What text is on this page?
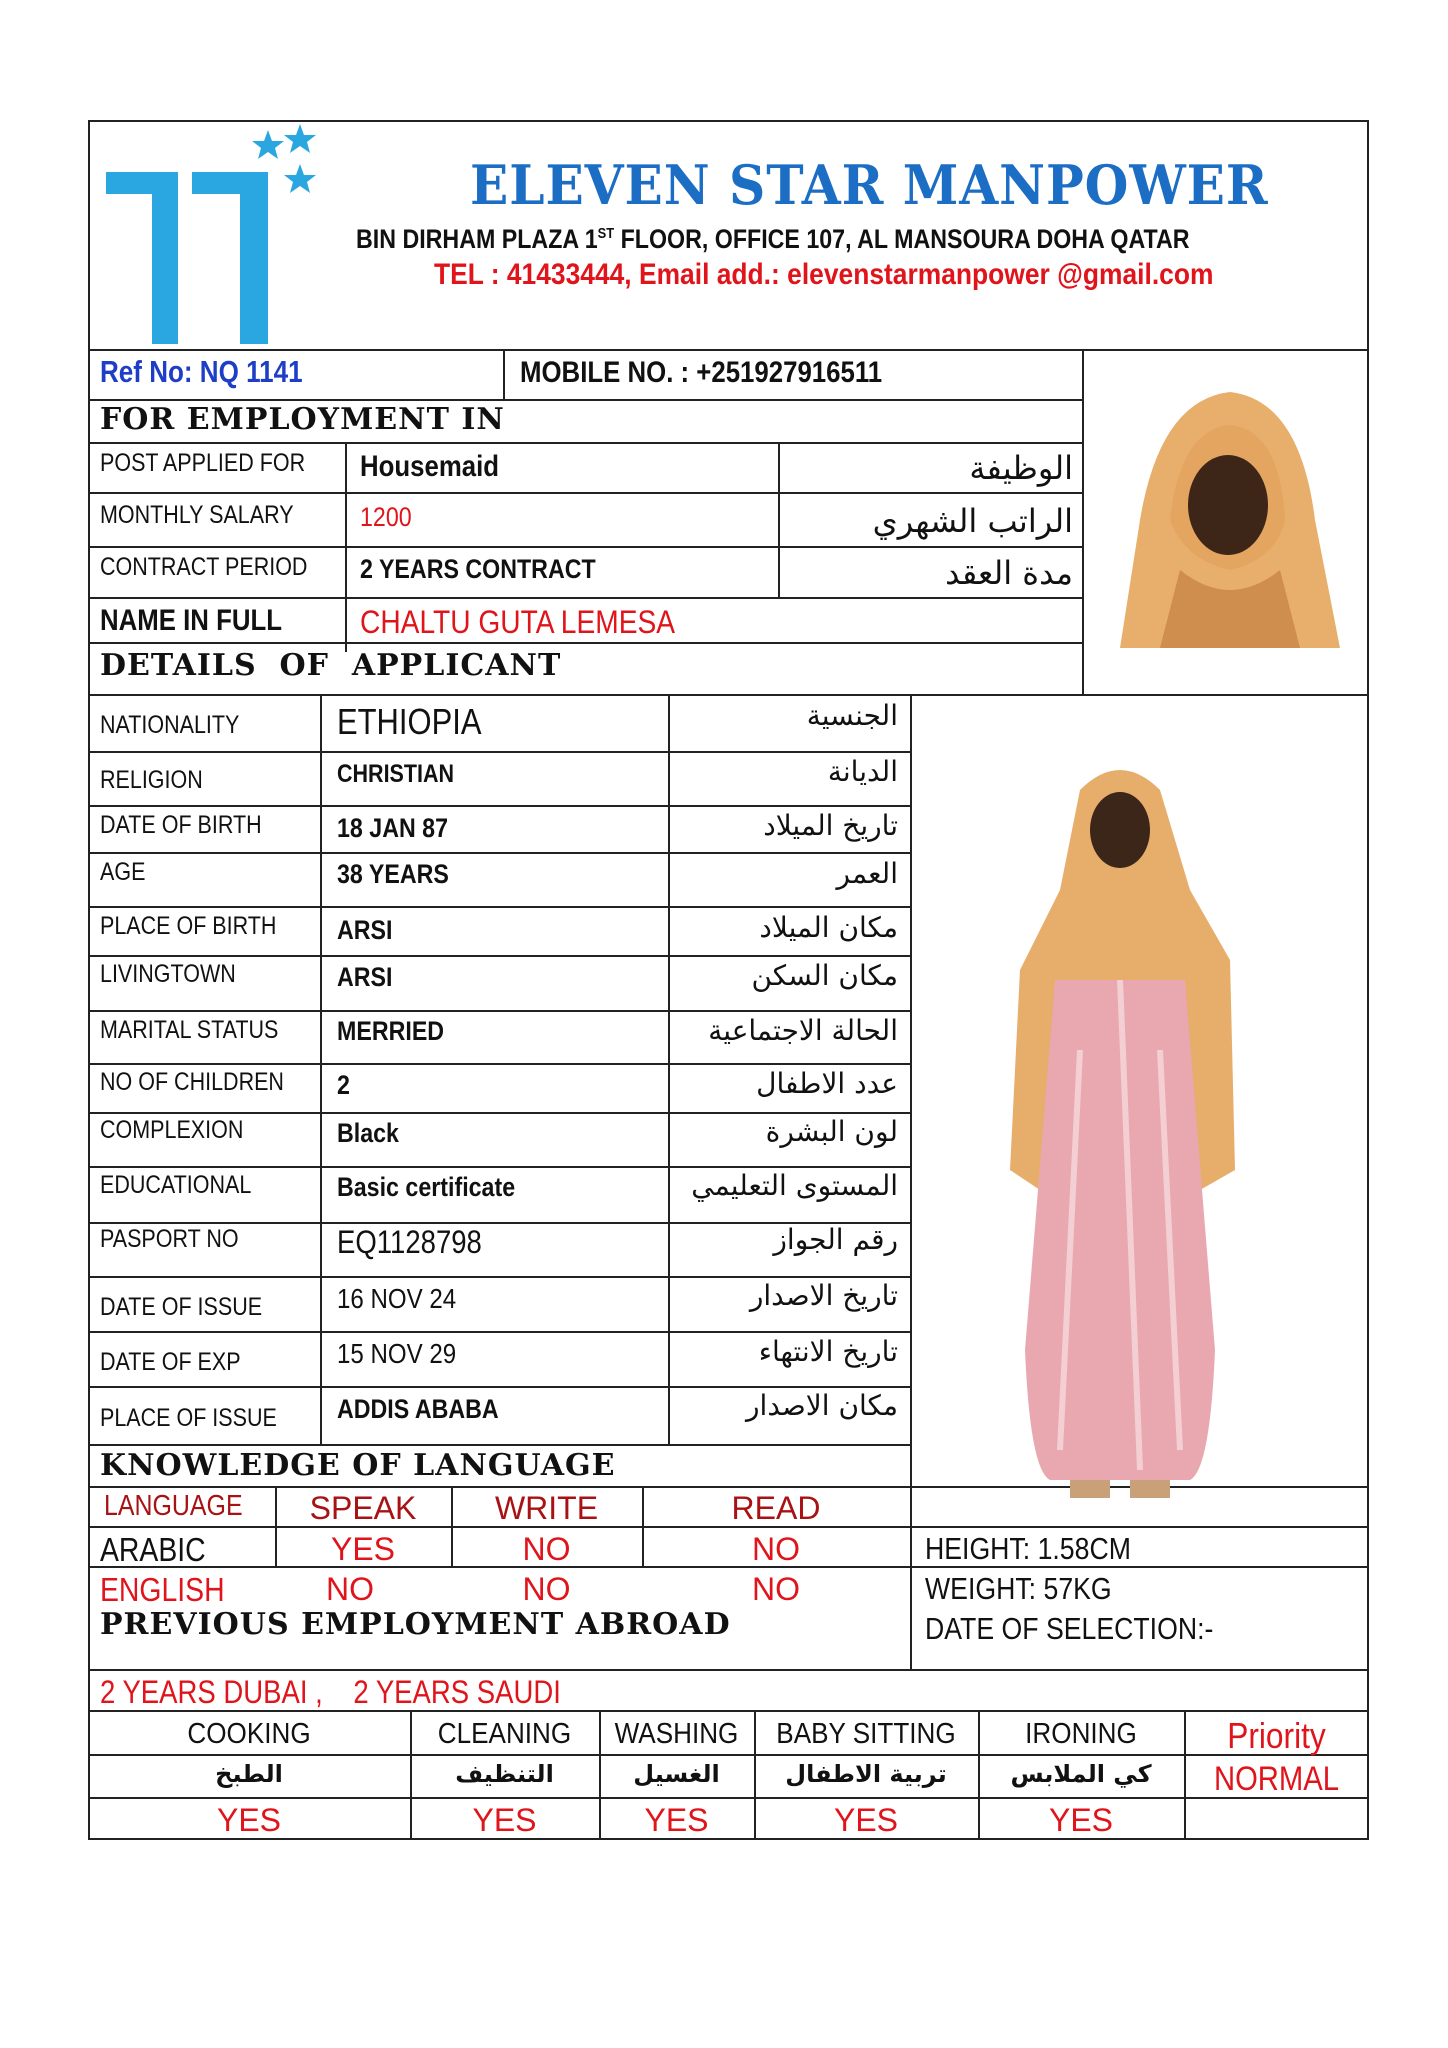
ELEVEN STAR MANPOWER
BIN DIRHAM PLAZA 1ST FLOOR, OFFICE 107, AL MANSOURA DOHA QATAR
TEL : 41433444, Email add.: elevenstarmanpower @gmail.com
Ref No: NQ 1141	MOBILE NO. : +251927916511
FOR EMPLOYMENT IN
POST APPLIED FOR Housemaid	الوظيفة
MONTHLY SALARY 1200	الراتب الشهري
CONTRACT PERIOD 2 YEARS CONTRACT	مدة العقد
NAME IN FULL CHALTU GUTA LEMESA
DETAILS  OF  APPLICANT
NATIONALITY	ETHIOPIA	الجنسية
RELIGION	CHRISTIAN	الديانة
DATE OF BIRTH	18 JAN 87	تاريخ الميلاد
AGE	38 YEARS	العمر
PLACE OF BIRTH ARSI	مكان الميلاد
LIVINGTOWN	ARSI	مكان السكن
MARITAL STATUS MERRIED	الحالة الاجتماعية
NO OF CHILDREN 2	عدد الاطفال
COMPLEXION	Black	لون البشرة
EDUCATIONAL	Basic certificate	المستوى التعليمي
PASPORT NO	EQ1128798	رقم الجواز
DATE OF ISSUE	16 NOV 24	تاريخ الاصدار
DATE OF EXP	15 NOV 29	تاريخ الانتهاء
PLACE OF ISSUE ADDIS ABABA	مكان الاصدار
KNOWLEDGE OF LANGUAGE
LANGUAGE	SPEAK	WRITE	READ
ARABIC	YES	NO	NO
ENGLISH	NO	NO	NO
HEIGHT: 1.58CM
WEIGHT: 57KG
DATE OF SELECTION:-
PREVIOUS EMPLOYMENT ABROAD
2 YEARS DUBAI ,    2 YEARS SAUDI
COOKING	CLEANING	WASHING	BABY SITTING	IRONING	Priority
الطبخ	التنظيف	الغسيل	تربية الاطفال	كي الملابس	NORMAL
YES	YES	YES	YES	YES
